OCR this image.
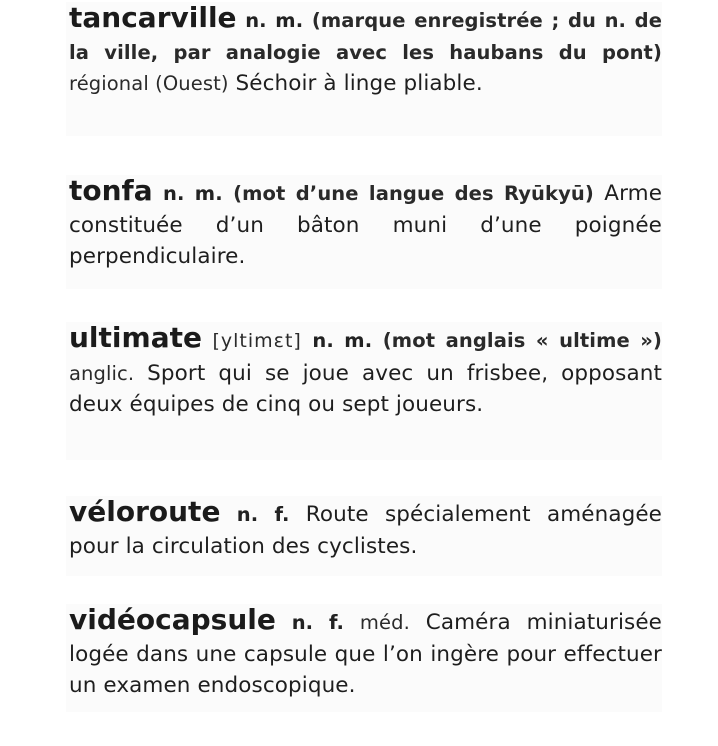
tancarville n. m. (marque enregistrée ; du n. de la ville, par analogie avec les haubans du pont) régional (Ouest) Séchoir à linge pliable.

tonfa n. m. (mot d’une langue des Ryūkyū) Arme constituée d’un bâton muni d’une poignée perpendiculaire.

ultimate [yltimɛt] n. m. (mot anglais « ultime ») anglic. Sport qui se joue avec un frisbee, opposant deux équipes de cinq ou sept joueurs.

véloroute n. f. Route spécialement aménagée pour la circulation des cyclistes.

vidéocapsule n. f. méd. Caméra miniaturisée logée dans une capsule que l’on ingère pour effectuer un examen endoscopique.
